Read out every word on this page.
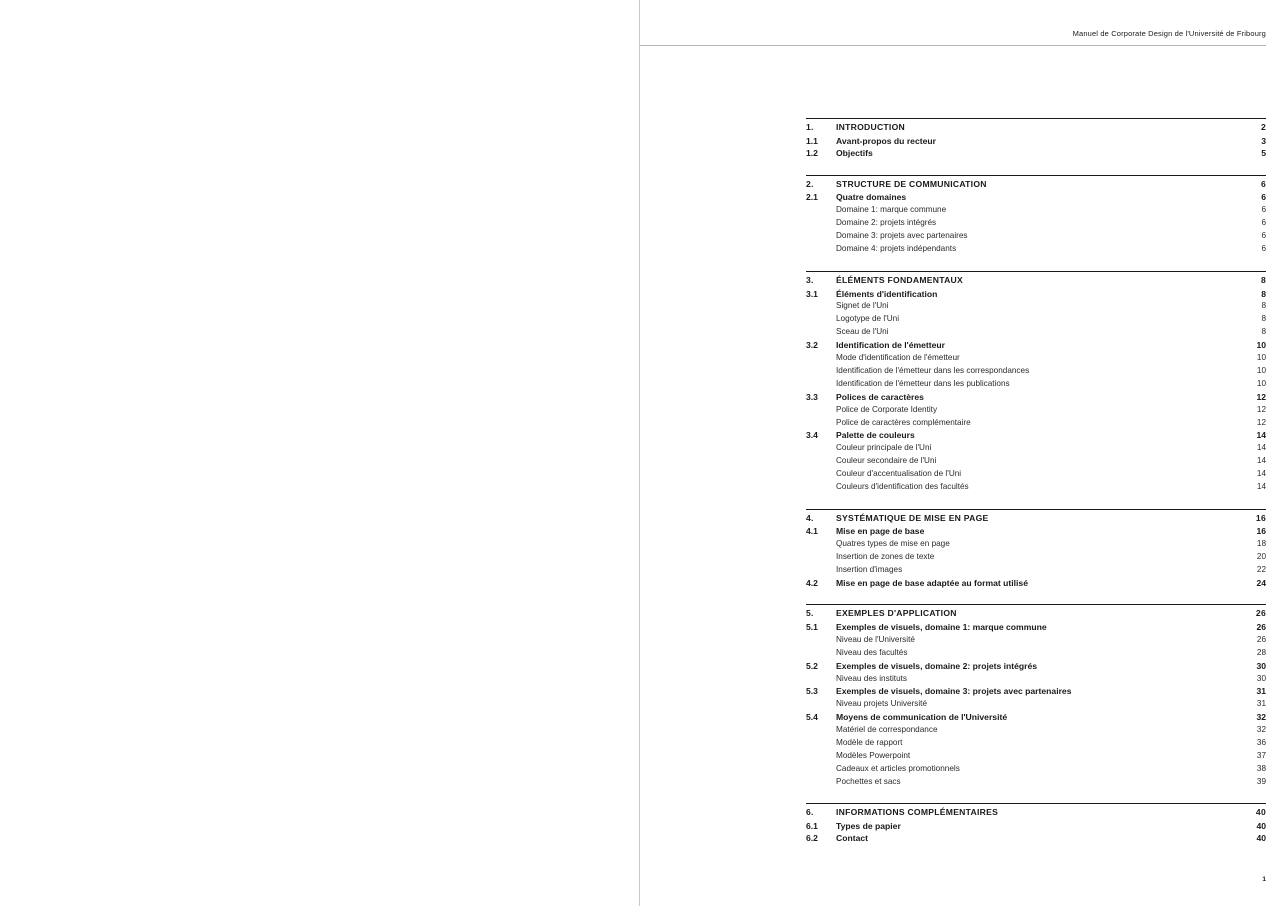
Manuel de Corporate Design de l'Université de Fribourg
1.	INTRODUCTION	2
1.1	Avant-propos du recteur	3
1.2	Objectifs	5
2.	STRUCTURE DE COMMUNICATION	6
2.1	Quatre domaines	6
Domaine 1: marque commune	6
Domaine 2: projets intégrés	6
Domaine 3: projets avec partenaires	6
Domaine 4: projets indépendants	6
3.	ÉLÉMENTS FONDAMENTAUX	8
3.1	Éléments d'identification	8
Signet de l'Uni	8
Logotype de l'Uni	8
Sceau de l'Uni	8
3.2	Identification de l'émetteur	10
Mode d'identification de l'émetteur	10
Identification de l'émetteur dans les correspondances	10
Identification de l'émetteur dans les publications	10
3.3	Polices de caractères	12
Police de Corporate Identity	12
Police de caractères complémentaire	12
3.4	Palette de couleurs	14
Couleur principale de l'Uni	14
Couleur secondaire de l'Uni	14
Couleur d'accentualisation de l'Uni	14
Couleurs d'identification des facultés	14
4.	SYSTÉMATIQUE DE MISE EN PAGE	16
4.1	Mise en page de base	16
Quatres types de mise en page	18
Insertion de zones de texte	20
Insertion d'images	22
4.2	Mise en page de base adaptée au format utilisé	24
5.	EXEMPLES D'APPLICATION	26
5.1	Exemples de visuels, domaine 1: marque commune	26
Niveau de l'Université	26
Niveau des facultés	28
5.2	Exemples de visuels, domaine 2: projets intégrés	30
Niveau des instituts	30
5.3	Exemples de visuels, domaine 3: projets avec partenaires	31
Niveau projets Université	31
5.4	Moyens de communication de l'Université	32
Matériel de correspondance	32
Modèle de rapport	36
Modèles Powerpoint	37
Cadeaux et articles promotionnels	38
Pochettes et sacs	39
6.	INFORMATIONS COMPLÉMENTAIRES	40
6.1	Types de papier	40
6.2	Contact	40
1
